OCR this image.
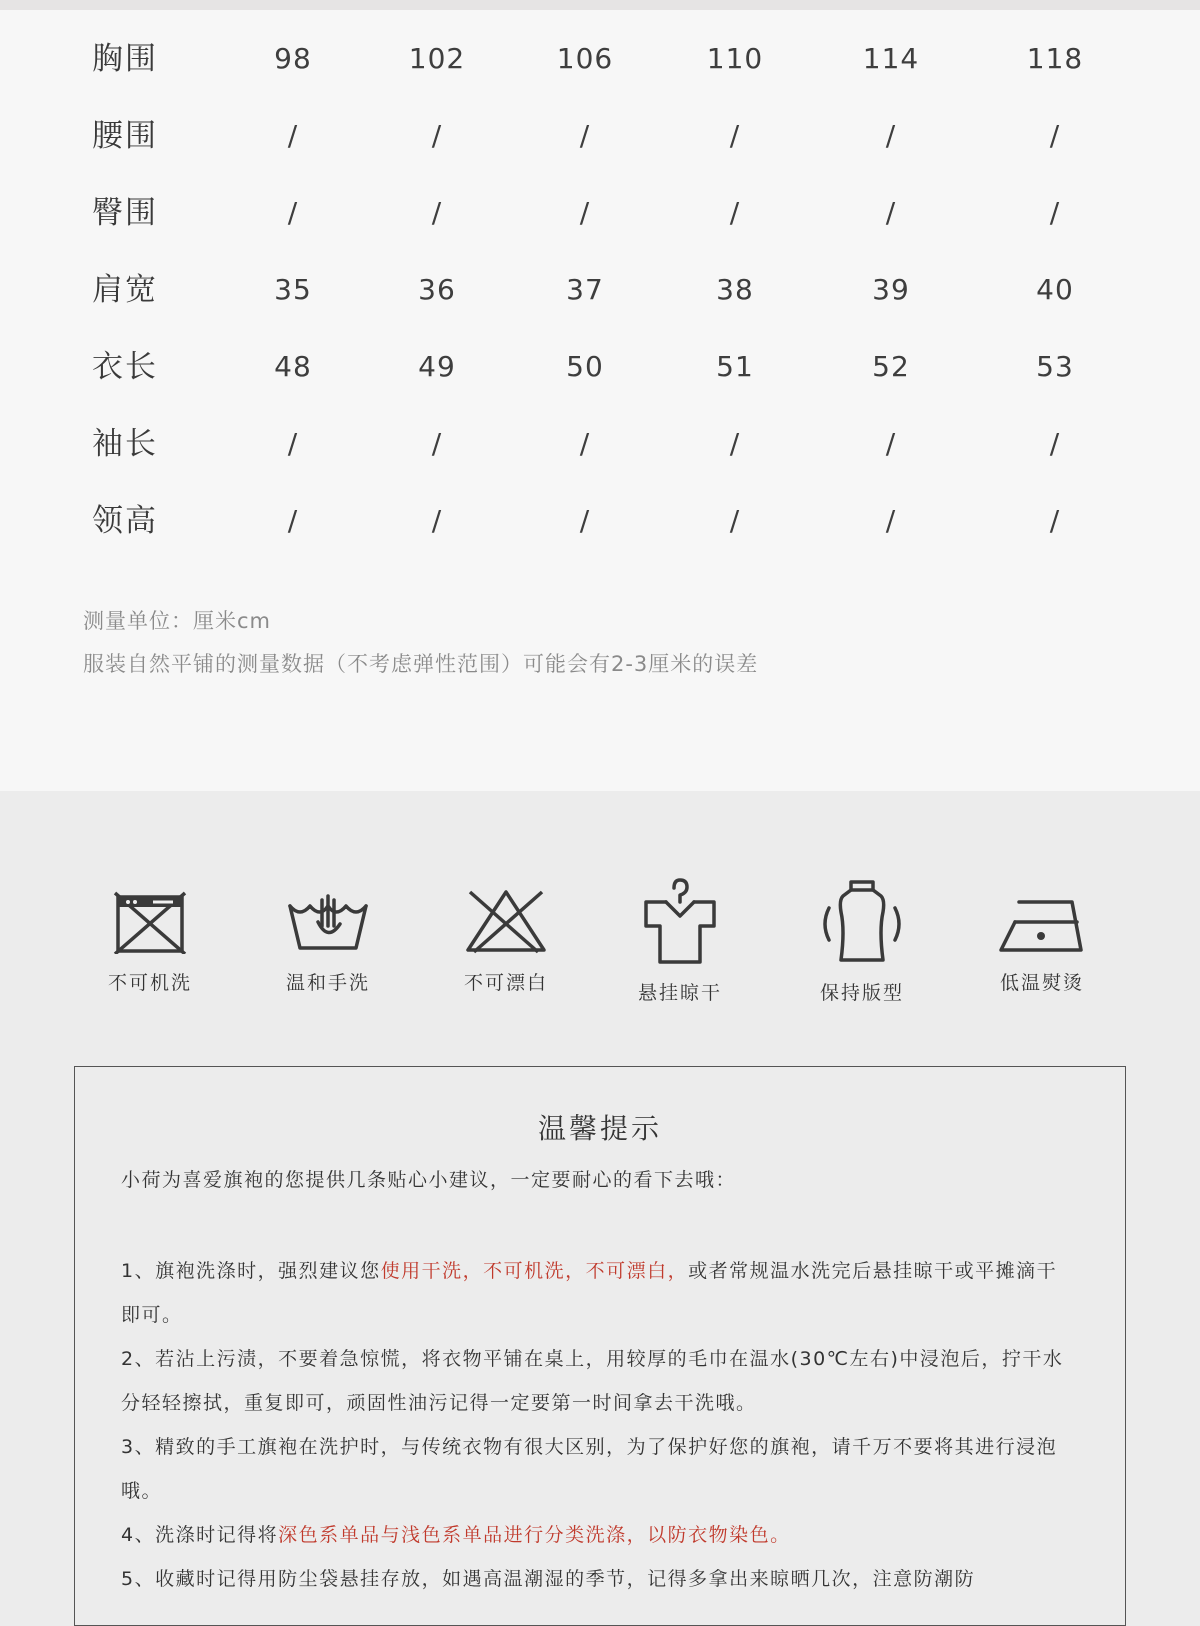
胸围	98	102	106	110	114	118
腰围	/	/	/	/	/	/
臀围	/	/	/	/	/	/
肩宽	35	36	37	38	39	40
衣长	48	49	50	51	52	53
袖长	/	/	/	/	/	/
领高	/	/	/	/	/	/
测量单位：厘米cm
服装自然平铺的测量数据（不考虑弹性范围）可能会有2-3厘米的误差
不可机洗	温和手洗	不可漂白	悬挂晾干	保持版型	低温熨烫
温馨提示
小荷为喜爱旗袍的您提供几条贴心小建议，一定要耐心的看下去哦：

1、旗袍洗涤时，强烈建议您使用干洗，不可机洗，不可漂白，或者常规温水洗完后悬挂晾干或平摊滴干即可。

2、若沾上污渍，不要着急惊慌，将衣物平铺在桌上，用较厚的毛巾在温水(30℃左右)中浸泡后，拧干水分轻轻擦拭，重复即可，顽固性油污记得一定要第一时间拿去干洗哦。

3、精致的手工旗袍在洗护时，与传统衣物有很大区别，为了保护好您的旗袍，请千万不要将其进行浸泡哦。

4、洗涤时记得将深色系单品与浅色系单品进行分类洗涤，以防衣物染色。

5、收藏时记得用防尘袋悬挂存放，如遇高温潮湿的季节，记得多拿出来晾晒几次，注意防潮防
